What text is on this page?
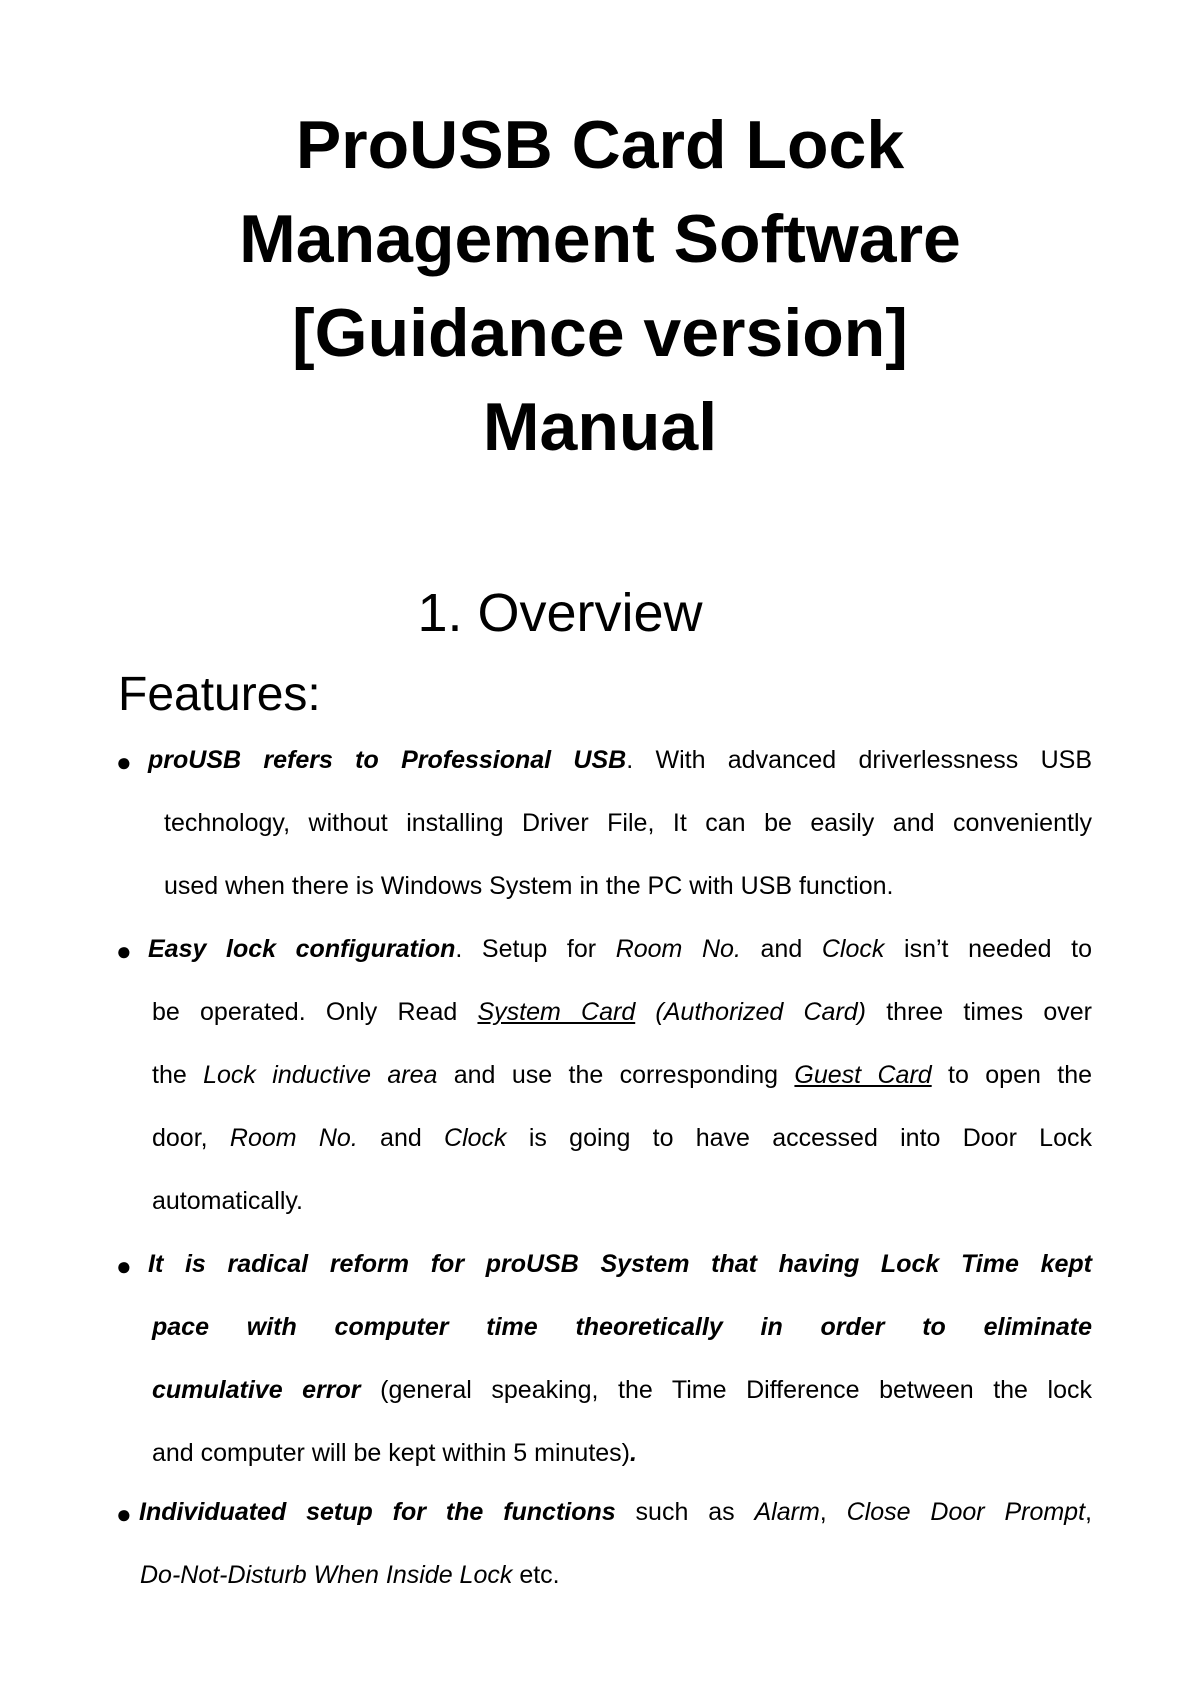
ProUSB Card Lock
Management Software
[Guidance version]
Manual
1. Overview
Features:
● proUSB refers to Professional USB. With advanced driverlessness USB
technology, without installing Driver File, It can be easily and conveniently
used when there is Windows System in the PC with USB function.
● Easy lock configuration. Setup for Room No. and Clock isn’t needed to
be operated. Only Read System Card (Authorized Card) three times over
the Lock inductive area and use the corresponding Guest Card to open the
door, Room No. and Clock is going to have accessed into Door Lock
automatically.
● It is radical reform for proUSB System that having Lock Time kept
pace with computer time theoretically in order to eliminate
cumulative error (general speaking, the Time Difference between the lock
and computer will be kept within 5 minutes).
● Individuated setup for the functions such as Alarm, Close Door Prompt,
Do-Not-Disturb When Inside Lock etc.
